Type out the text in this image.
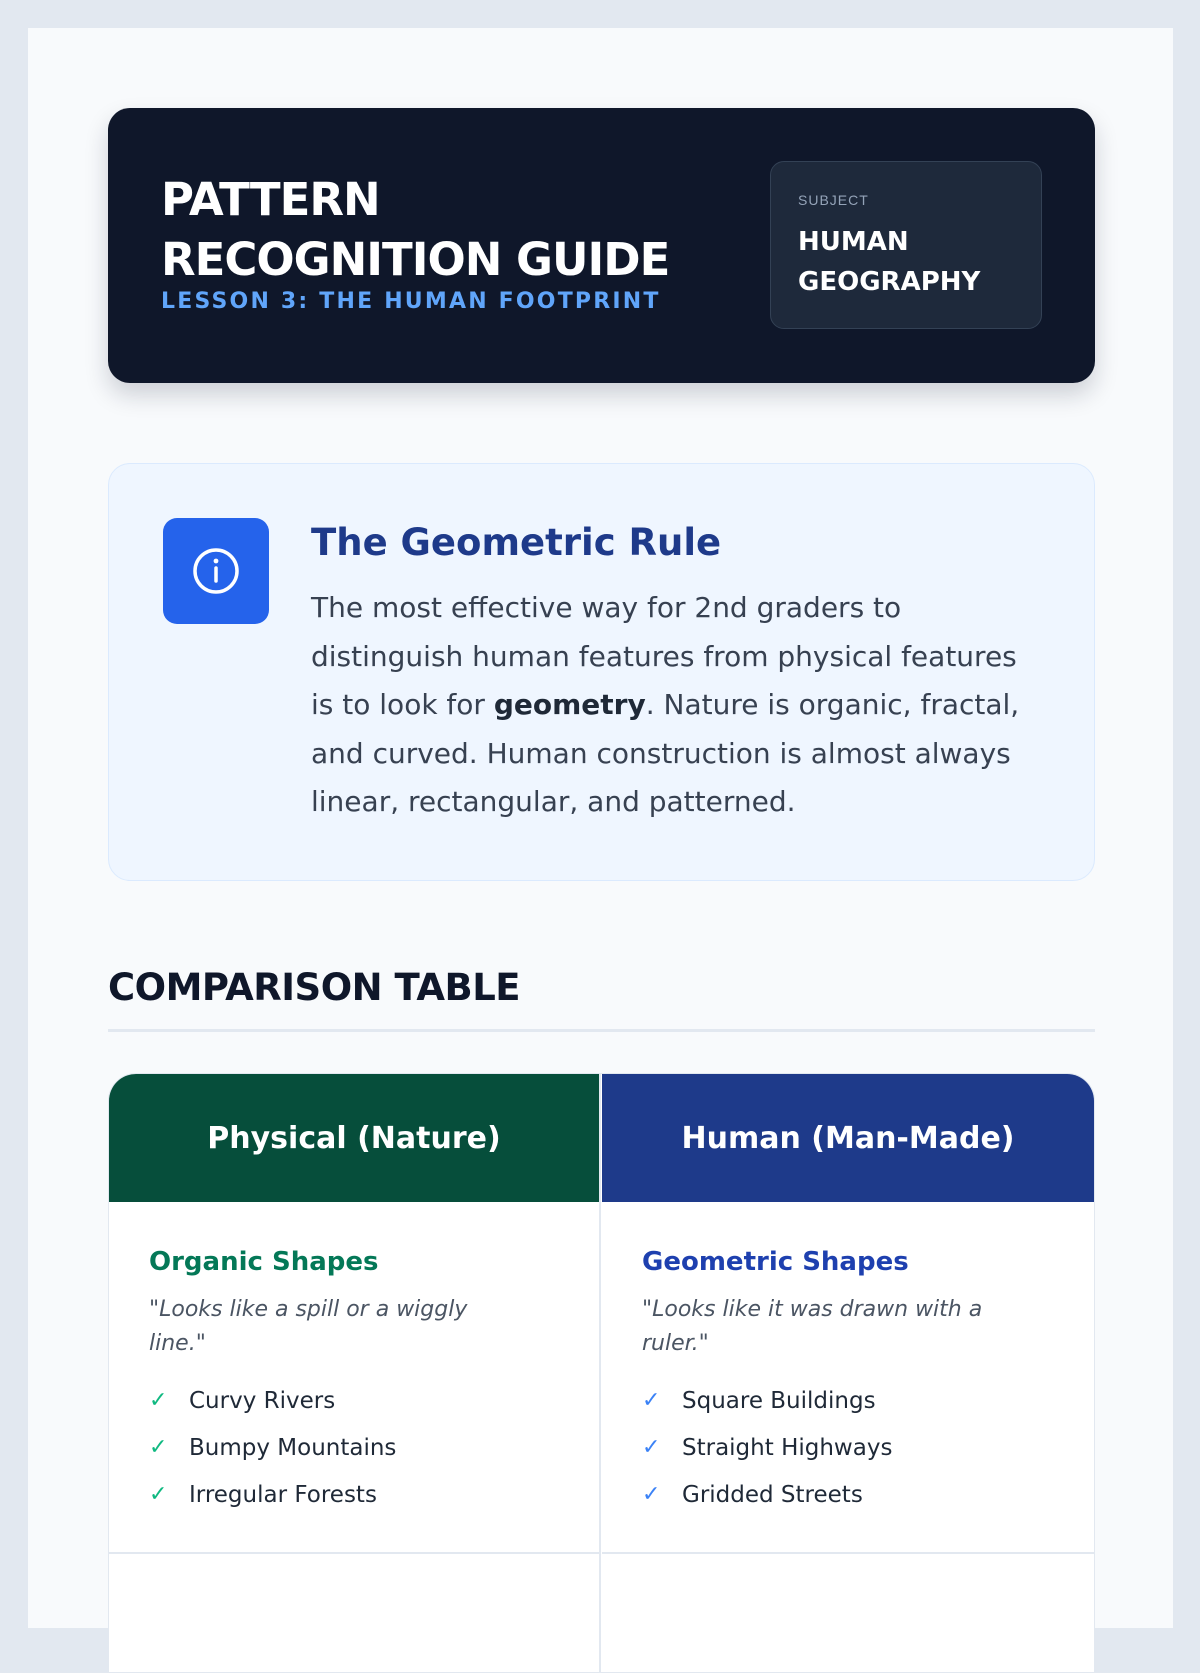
PATTERN RECOGNITION GUIDE
LESSON 3: THE HUMAN FOOTPRINT
SUBJECT
HUMAN GEOGRAPHY
The Geometric Rule

The most effective way for 2nd graders to distinguish human features from physical features is to look for geometry. Nature is organic, fractal, and curved. Human construction is almost always linear, rectangular, and patterned.

COMPARISON TABLE
Physical (Nature)
Organic Shapes
"Looks like a spill or a wiggly line."
✓ Curvy Rivers
✓ Bumpy Mountains
✓ Irregular Forests
Human (Man-Made)
Geometric Shapes
"Looks like it was drawn with a ruler."
✓ Square Buildings
✓ Straight Highways
✓ Gridded Streets
